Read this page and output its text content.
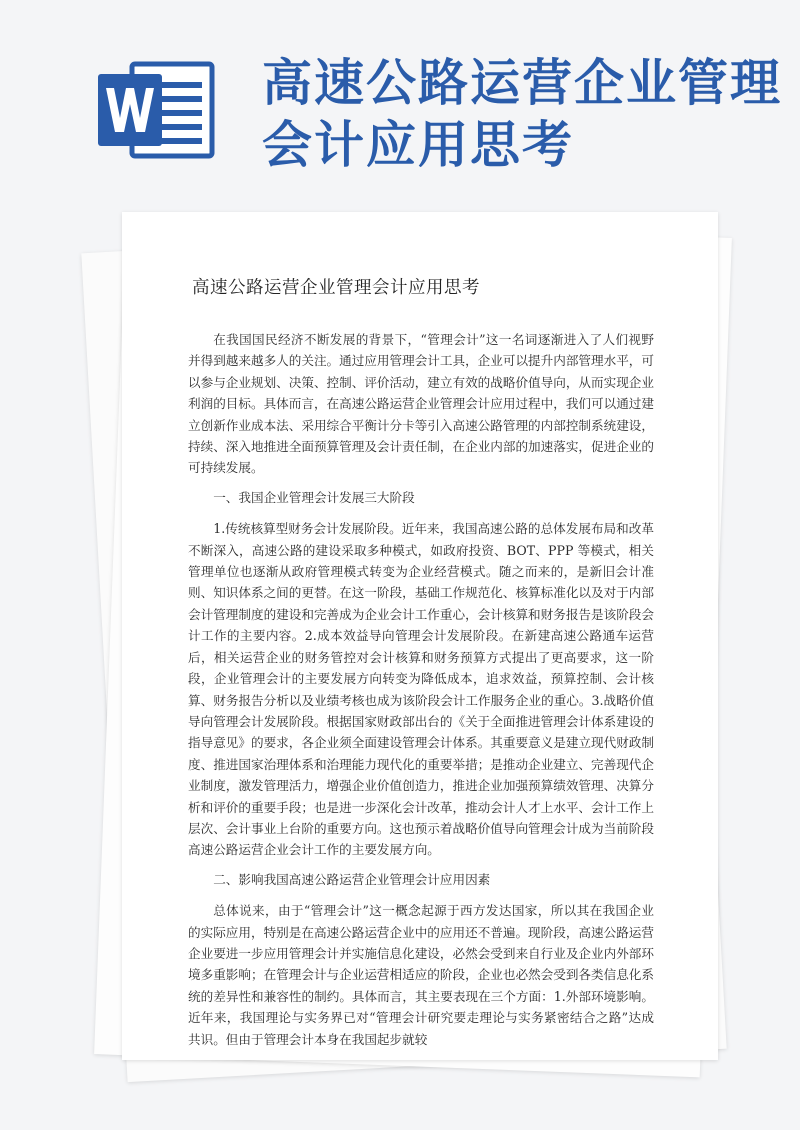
高速公路运营企业管理
会计应用思考
高速公路运营企业管理会计应用思考

在我国国民经济不断发展的背景下，“管理会计”这一名词逐渐进入了人们视野并得到越来越多人的关注。通过应用管理会计工具，企业可以提升内部管理水平，可以参与企业规划、决策、控制、评价活动，建立有效的战略价值导向，从而实现企业利润的目标。具体而言，在高速公路运营企业管理会计应用过程中，我们可以通过建立创新作业成本法、采用综合平衡计分卡等引入高速公路管理的内部控制系统建设，持续、深入地推进全面预算管理及会计责任制，在企业内部的加速落实，促进企业的可持续发展。

一、我国企业管理会计发展三大阶段

1.传统核算型财务会计发展阶段。近年来，我国高速公路的总体发展布局和改革不断深入，高速公路的建设采取多种模式，如政府投资、BOT、PPP 等模式，相关管理单位也逐渐从政府管理模式转变为企业经营模式。随之而来的，是新旧会计准则、知识体系之间的更替。在这一阶段，基础工作规范化、核算标准化以及对于内部会计管理制度的建设和完善成为企业会计工作重心，会计核算和财务报告是该阶段会计工作的主要内容。2.成本效益导向管理会计发展阶段。在新建高速公路通车运营后，相关运营企业的财务管控对会计核算和财务预算方式提出了更高要求，这一阶段，企业管理会计的主要发展方向转变为降低成本，追求效益，预算控制、会计核算、财务报告分析以及业绩考核也成为该阶段会计工作服务企业的重心。3.战略价值导向管理会计发展阶段。根据国家财政部出台的《关于全面推进管理会计体系建设的指导意见》的要求，各企业须全面建设管理会计体系。其重要意义是建立现代财政制度、推进国家治理体系和治理能力现代化的重要举措；是推动企业建立、完善现代企业制度，激发管理活力，增强企业价值创造力，推进企业加强预算绩效管理、决算分析和评价的重要手段；也是进一步深化会计改革，推动会计人才上水平、会计工作上层次、会计事业上台阶的重要方向。这也预示着战略价值导向管理会计成为当前阶段高速公路运营企业会计工作的主要发展方向。

二、影响我国高速公路运营企业管理会计应用因素

总体说来，由于“管理会计”这一概念起源于西方发达国家，所以其在我国企业的实际应用，特别是在高速公路运营企业中的应用还不普遍。现阶段，高速公路运营企业要进一步应用管理会计并实施信息化建设，必然会受到来自行业及企业内外部环境多重影响；在管理会计与企业运营相适应的阶段，企业也必然会受到各类信息化系统的差异性和兼容性的制约。具体而言，其主要表现在三个方面：1.外部环境影响。近年来，我国理论与实务界已对“管理会计研究要走理论与实务紧密结合之路”达成共识。但由于管理会计本身在我国起步就较
